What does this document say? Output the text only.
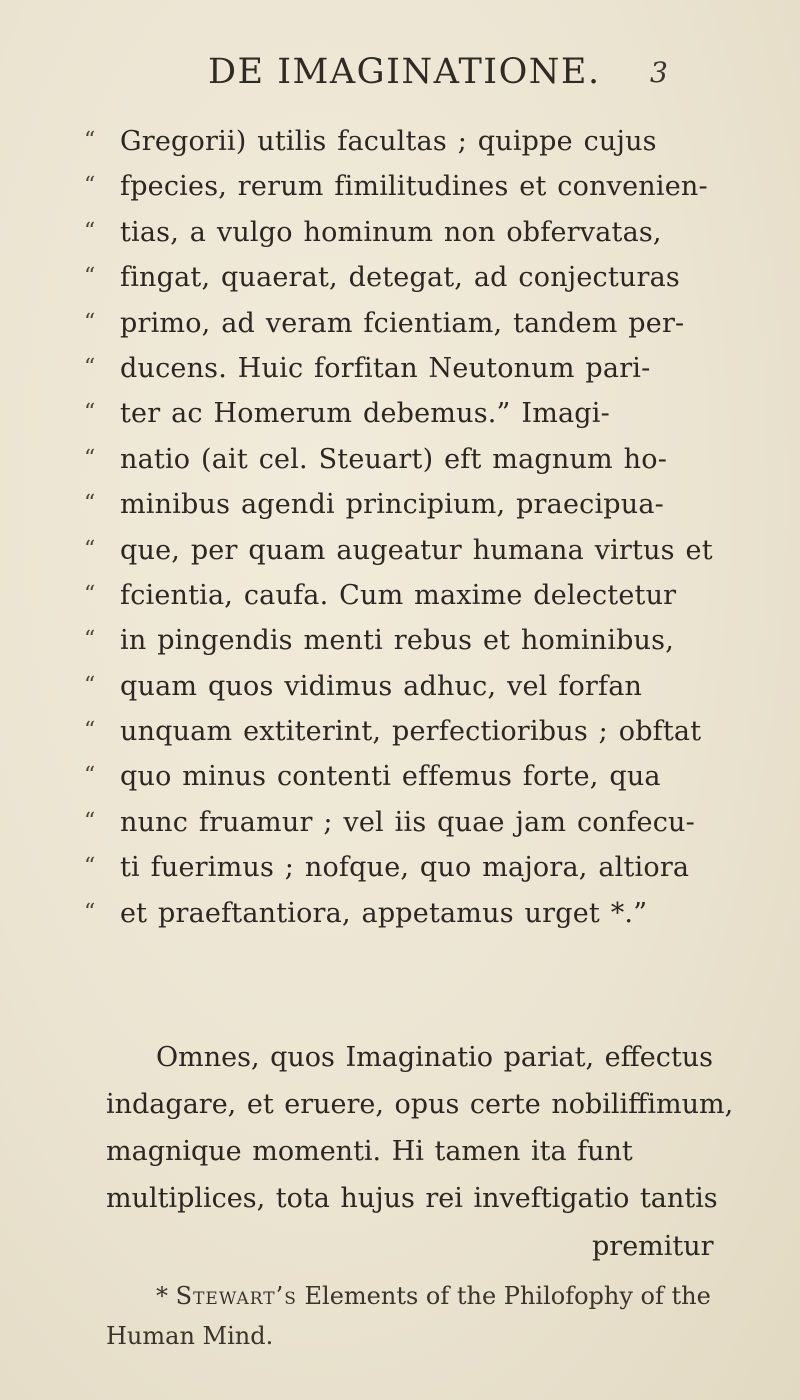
DE IMAGINATIONE. 3
“ Gregorii) utilis facultas ; quippe cujus
“ fpecies, rerum fimilitudines et convenien-
“ tias, a vulgo hominum non obfervatas,
“ fingat, quaerat, detegat, ad conjecturas
“ primo, ad veram fcientiam, tandem per-
“ ducens. Huic forfitan Neutonum pari-
“ ter ac Homerum debemus.” Imagi-
“ natio (ait cel. Steuart) eft magnum ho-
“ minibus agendi principium, praecipua-
“ que, per quam augeatur humana virtus et
“ fcientia, caufa. Cum maxime delectetur
“ in pingendis menti rebus et hominibus,
“ quam quos vidimus adhuc, vel forfan
“ unquam extiterint, perfectioribus ; obftat
“ quo minus contenti effemus forte, qua
“ nunc fruamur ; vel iis quae jam confecu-
“ ti fuerimus ; nofque, quo majora, altiora
“ et praeftantiora, appetamus urget *.”
Omnes, quos Imaginatio pariat, effectus
indagare, et eruere, opus certe nobiliffimum,
magnique momenti. Hi tamen ita funt
multiplices, tota hujus rei inveftigatio tantis
premitur
* Stewart’s Elements of the Philofophy of the
Human Mind.
